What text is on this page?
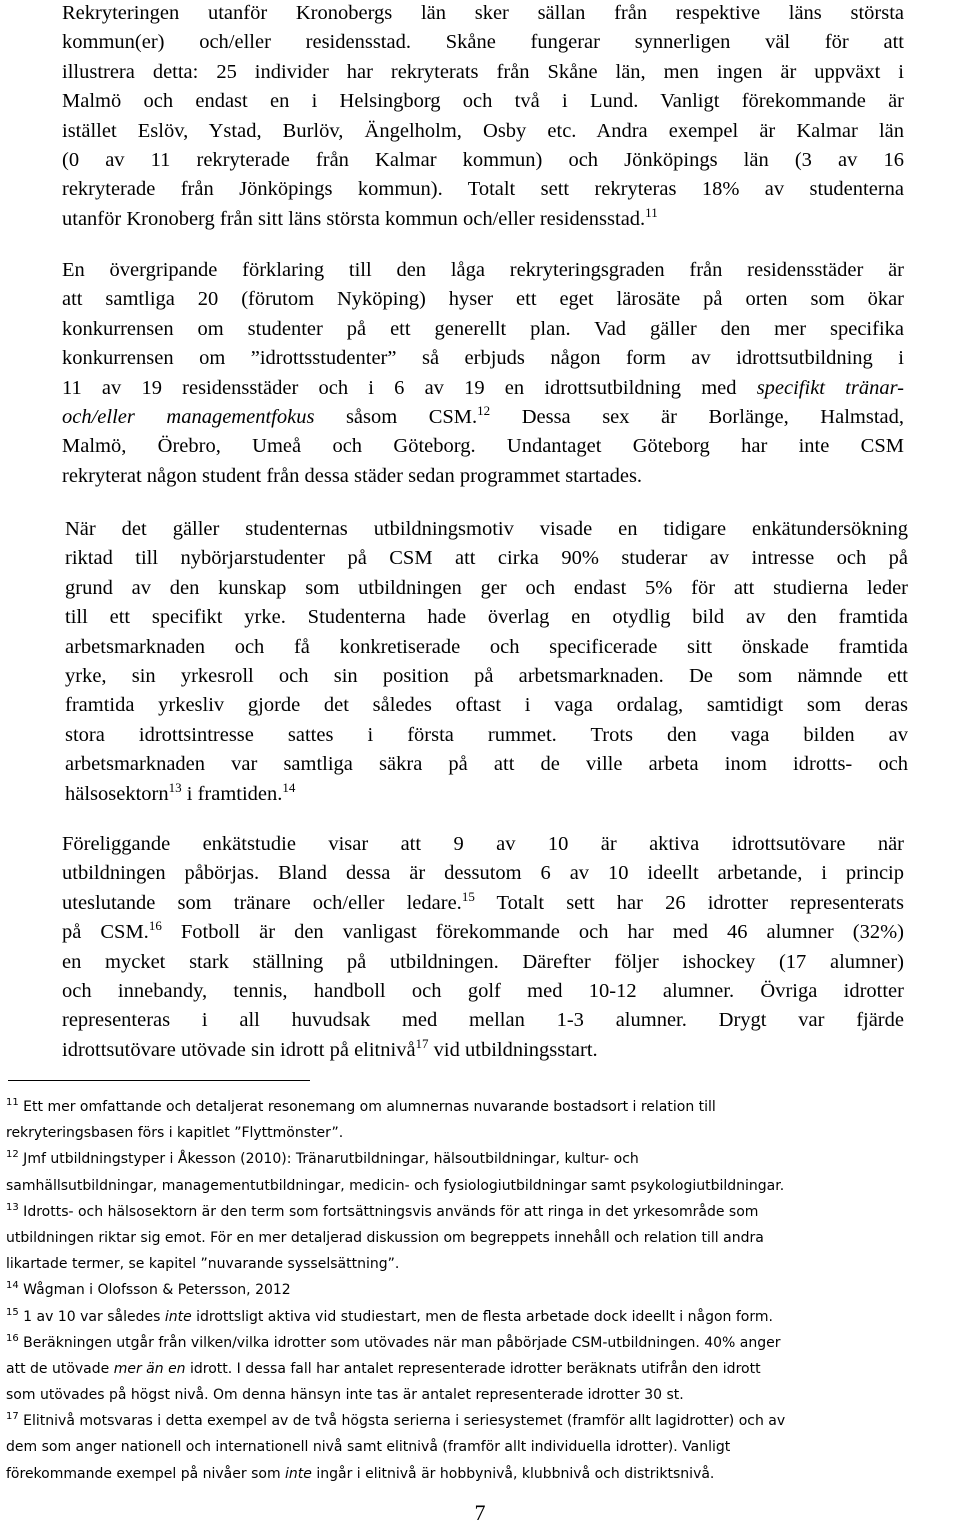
Rekryteringen utanför Kronobergs län sker sällan från respektive läns största
kommun(er) och/eller residensstad. Skåne fungerar synnerligen väl för att
illustrera detta: 25 individer har rekryterats från Skåne län, men ingen är uppväxt i
Malmö och endast en i Helsingborg och två i Lund. Vanligt förekommande är
istället Eslöv, Ystad, Burlöv, Ängelholm, Osby etc. Andra exempel är Kalmar län
(0 av 11 rekryterade från Kalmar kommun) och Jönköpings län (3 av 16
rekryterade från Jönköpings kommun). Totalt sett rekryteras 18% av studenterna
utanför Kronoberg från sitt läns största kommun och/eller residensstad.$^{11}$
En övergripande förklaring till den låga rekryteringsgraden från residensstäder är
att samtliga 20 (förutom Nyköping) hyser ett eget lärosäte på orten som ökar
konkurrensen om studenter på ett generellt plan. Vad gäller den mer specifika
konkurrensen om ”idrottsstudenter” så erbjuds någon form av idrottsutbildning i
11 av 19 residensstäder och i 6 av 19 en idrottsutbildning med specifikt tränar-
och/eller managementfokus såsom CSM.$^{12}$ Dessa sex är Borlänge, Halmstad,
Malmö, Örebro, Umeå och Göteborg. Undantaget Göteborg har inte CSM
rekryterat någon student från dessa städer sedan programmet startades.
När det gäller studenternas utbildningsmotiv visade en tidigare enkätundersökning
riktad till nybörjarstudenter på CSM att cirka 90% studerar av intresse och på
grund av den kunskap som utbildningen ger och endast 5% för att studierna leder
till ett specifikt yrke. Studenterna hade överlag en otydlig bild av den framtida
arbetsmarknaden och få konkretiserade och specificerade sitt önskade framtida
yrke, sin yrkesroll och sin position på arbetsmarknaden. De som nämnde ett
framtida yrkesliv gjorde det således oftast i vaga ordalag, samtidigt som deras
stora idrottsintresse sattes i första rummet. Trots den vaga bilden av
arbetsmarknaden var samtliga säkra på att de ville arbeta inom idrotts- och
hälsosektorn$^{13}$ i framtiden.$^{14}$
Föreliggande enkätstudie visar att 9 av 10 är aktiva idrottsutövare när
utbildningen påbörjas. Bland dessa är dessutom 6 av 10 ideellt arbetande, i princip
uteslutande som tränare och/eller ledare.$^{15}$ Totalt sett har 26 idrotter representerats
på CSM.$^{16}$ Fotboll är den vanligast förekommande och har med 46 alumner (32%)
en mycket stark ställning på utbildningen. Därefter följer ishockey (17 alumner)
och innebandy, tennis, handboll och golf med 10-12 alumner. Övriga idrotter
representeras i all huvudsak med mellan 1-3 alumner. Drygt var fjärde
idrottsutövare utövade sin idrott på elitnivå$^{17}$ vid utbildningsstart.
$^{11}$ Ett mer omfattande och detaljerat resonemang om alumnernas nuvarande bostadsort i relation till
rekryteringsbasen förs i kapitlet ”Flyttmönster”.
$^{12}$ Jmf utbildningstyper i Åkesson (2010): Tränarutbildningar, hälsoutbildningar, kultur- och
samhällsutbildningar, managementutbildningar, medicin- och fysiologiutbildningar samt psykologiutbildningar.
$^{13}$ Idrotts- och hälsosektorn är den term som fortsättningsvis används för att ringa in det yrkesområde som
utbildningen riktar sig emot. För en mer detaljerad diskussion om begreppets innehåll och relation till andra
likartade termer, se kapitel ”nuvarande sysselsättning”.
$^{14}$ Wågman i Olofsson & Petersson, 2012
$^{15}$ 1 av 10 var således inte idrottsligt aktiva vid studiestart, men de flesta arbetade dock ideellt i någon form.
$^{16}$ Beräkningen utgår från vilken/vilka idrotter som utövades när man påbörjade CSM-utbildningen. 40% anger
att de utövade mer än en idrott. I dessa fall har antalet representerade idrotter beräknats utifrån den idrott
som utövades på högst nivå. Om denna hänsyn inte tas är antalet representerade idrotter 30 st.
$^{17}$ Elitnivå motsvaras i detta exempel av de två högsta serierna i seriesystemet (framför allt lagidrotter) och av
dem som anger nationell och internationell nivå samt elitnivå (framför allt individuella idrotter). Vanligt
förekommande exempel på nivåer som inte ingår i elitnivå är hobbynivå, klubbnivå och distriktsnivå.
7
